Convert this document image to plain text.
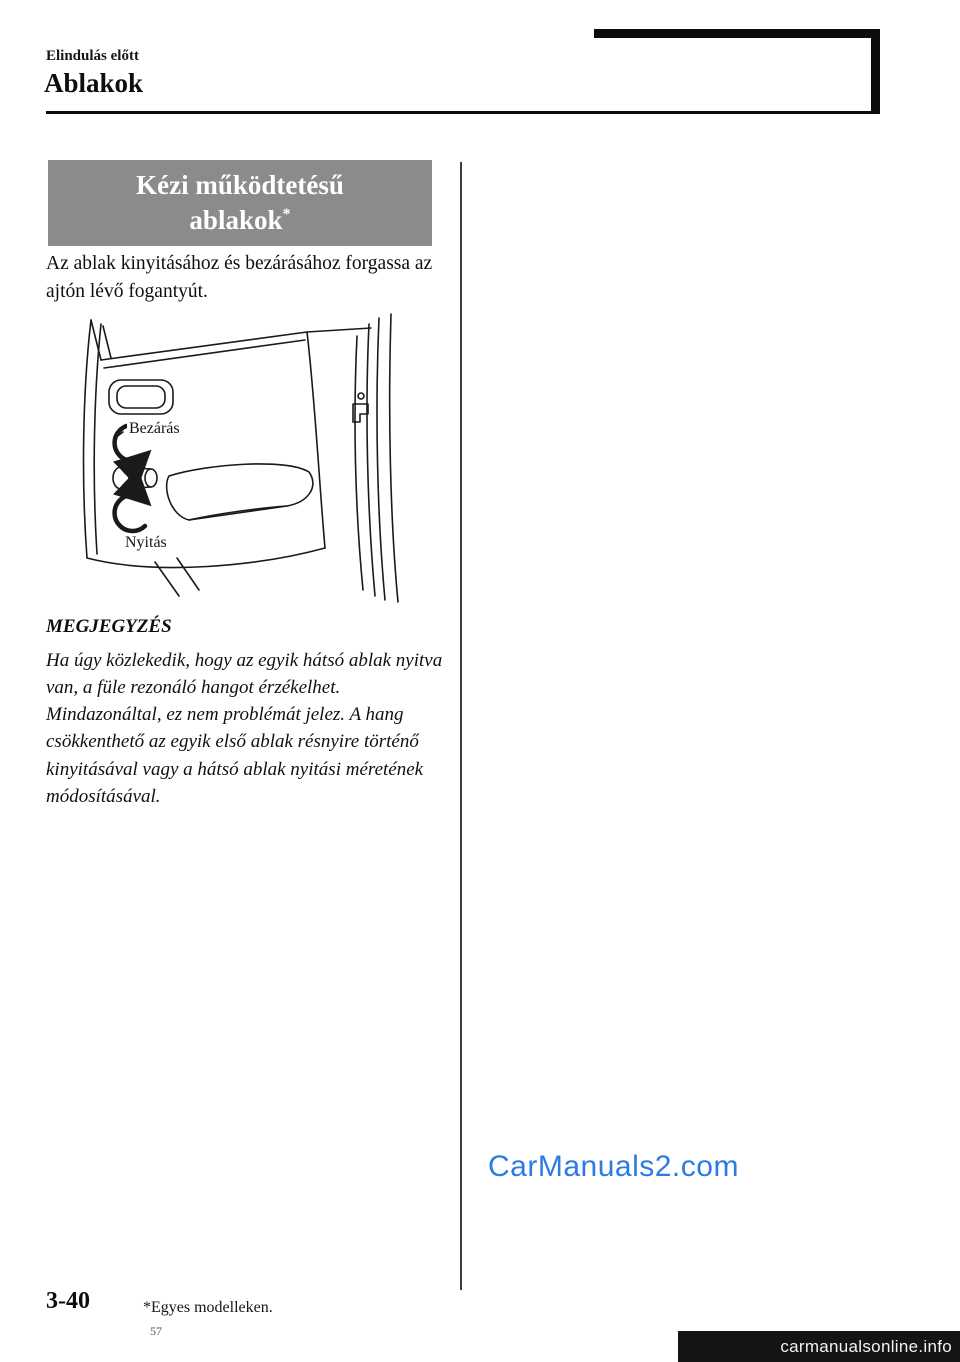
Elindulás előtt
Ablakok
Kézi működtetésű
ablakok*

Az ablak kinyitásához és bezárásához forgassa az ajtón lévő fogantyút.

Bezárás
Nyitás
MEGJEGYZÉS

Ha úgy közlekedik, hogy az egyik hátsó ablak nyitva van, a füle rezonáló hangot érzékelhet. Mindazonáltal, ez nem problémát jelez. A hang csökkenthető az egyik első ablak résnyire történő kinyitásával vagy a hátsó ablak nyitási méretének módosításával.

CarManuals2.com
3-40	*Egyes modelleken.
57
carmanualsonline.info
